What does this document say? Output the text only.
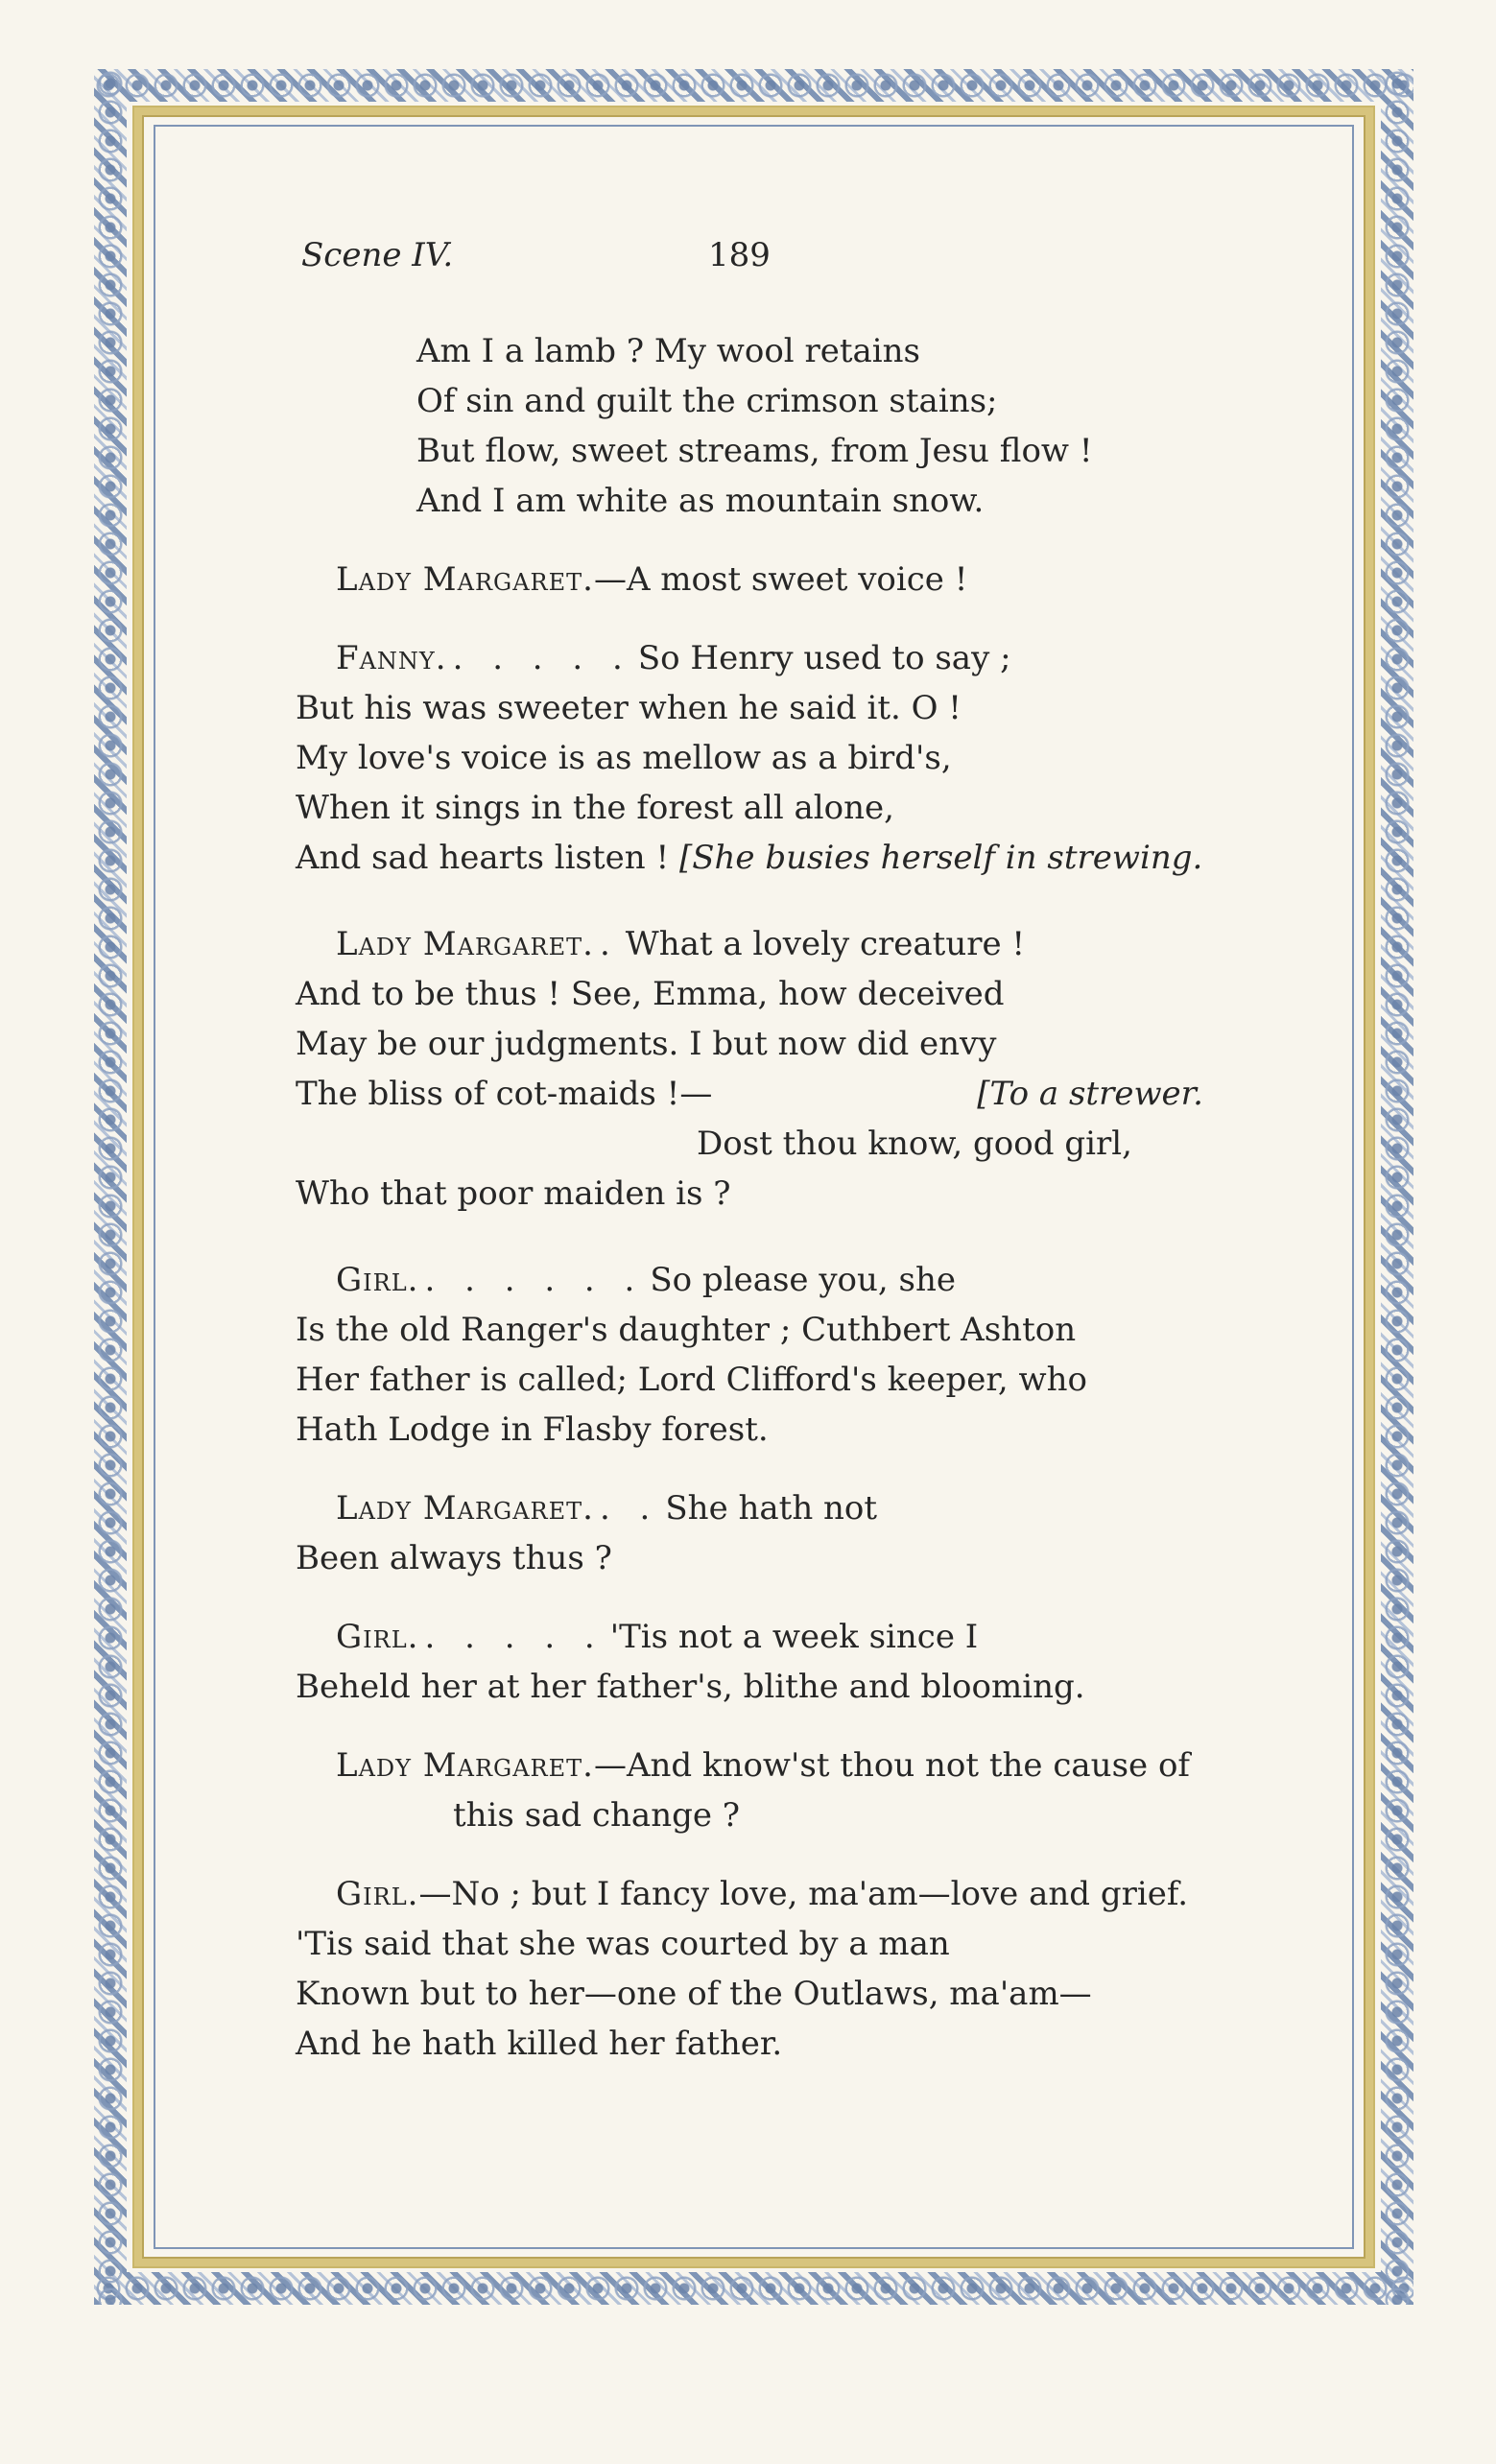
Scene IV.	189
Am I a lamb ? My wool retains
Of sin and guilt the crimson stains;
But flow, sweet streams, from Jesu flow !
And I am white as mountain snow.
Lady Margaret.—A most sweet voice !
Fanny. . . . . . So Henry used to say ;
But his was sweeter when he said it. O !
My love's voice is as mellow as a bird's,
When it sings in the forest all alone,
And sad hearts listen ! [She busies herself in strewing.
Lady Margaret. . What a lovely creature !
And to be thus ! See, Emma, how deceived
May be our judgments. I but now did envy
The bliss of cot-maids !—	[To a strewer.
Dost thou know, good girl,
Who that poor maiden is ?
Girl. . . . . . . So please you, she
Is the old Ranger's daughter ; Cuthbert Ashton
Her father is called; Lord Clifford's keeper, who
Hath Lodge in Flasby forest.
Lady Margaret. . . She hath not
Been always thus ?
Girl. . . . . . 'Tis not a week since I
Beheld her at her father's, blithe and blooming.
Lady Margaret.—And know'st thou not the cause of
this sad change ?
Girl.—No ; but I fancy love, ma'am—love and grief.
'Tis said that she was courted by a man
Known but to her—one of the Outlaws, ma'am—
And he hath killed her father.
